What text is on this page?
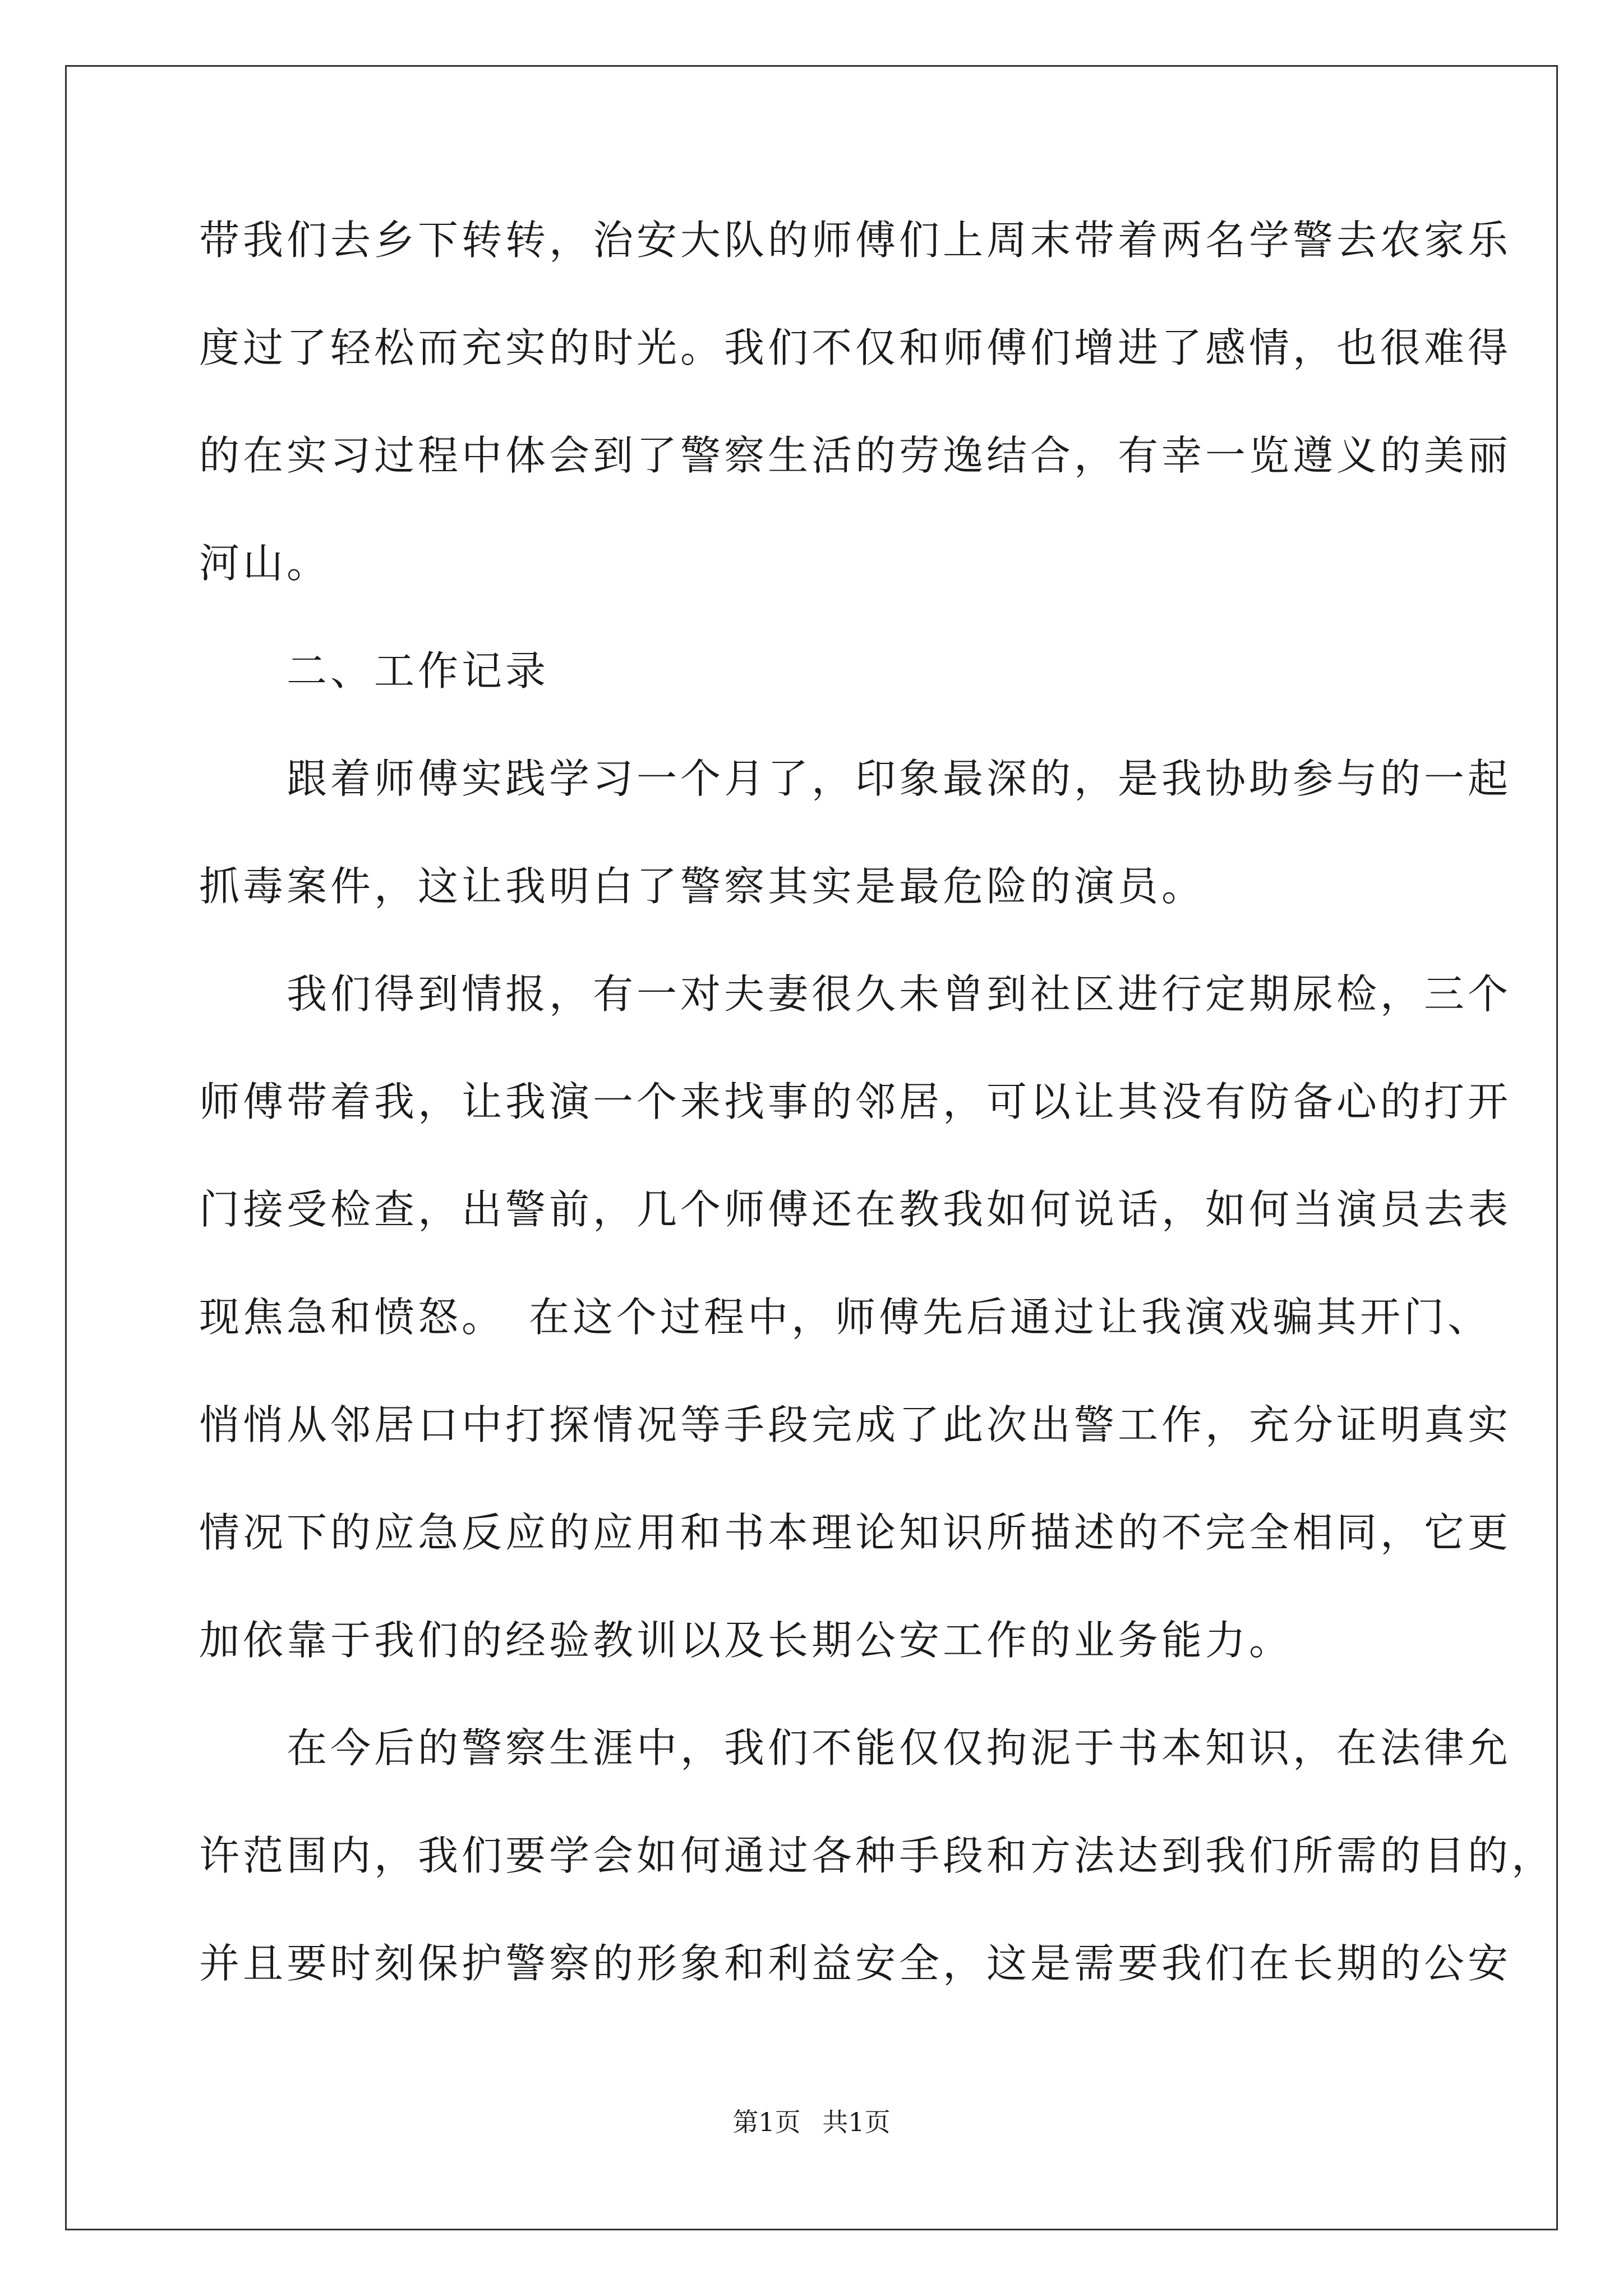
带我们去乡下转转，治安大队的师傅们上周末带着两名学警去农家乐
度过了轻松而充实的时光。我们不仅和师傅们增进了感情，也很难得
的在实习过程中体会到了警察生活的劳逸结合，有幸一览遵义的美丽
河山。
　　二、工作记录
　　跟着师傅实践学习一个月了，印象最深的，是我协助参与的一起
抓毒案件，这让我明白了警察其实是最危险的演员。
　　我们得到情报，有一对夫妻很久未曾到社区进行定期尿检，三个
师傅带着我，让我演一个来找事的邻居，可以让其没有防备心的打开
门接受检查，出警前，几个师傅还在教我如何说话，如何当演员去表
现焦急和愤怒。　在这个过程中，师傅先后通过让我演戏骗其开门、
悄悄从邻居口中打探情况等手段完成了此次出警工作，充分证明真实
情况下的应急反应的应用和书本理论知识所描述的不完全相同，它更
加依靠于我们的经验教训以及长期公安工作的业务能力。
　　在今后的警察生涯中，我们不能仅仅拘泥于书本知识，在法律允
许范围内，我们要学会如何通过各种手段和方法达到我们所需的目的，
并且要时刻保护警察的形象和利益安全，这是需要我们在长期的公安
第1页 共1页
